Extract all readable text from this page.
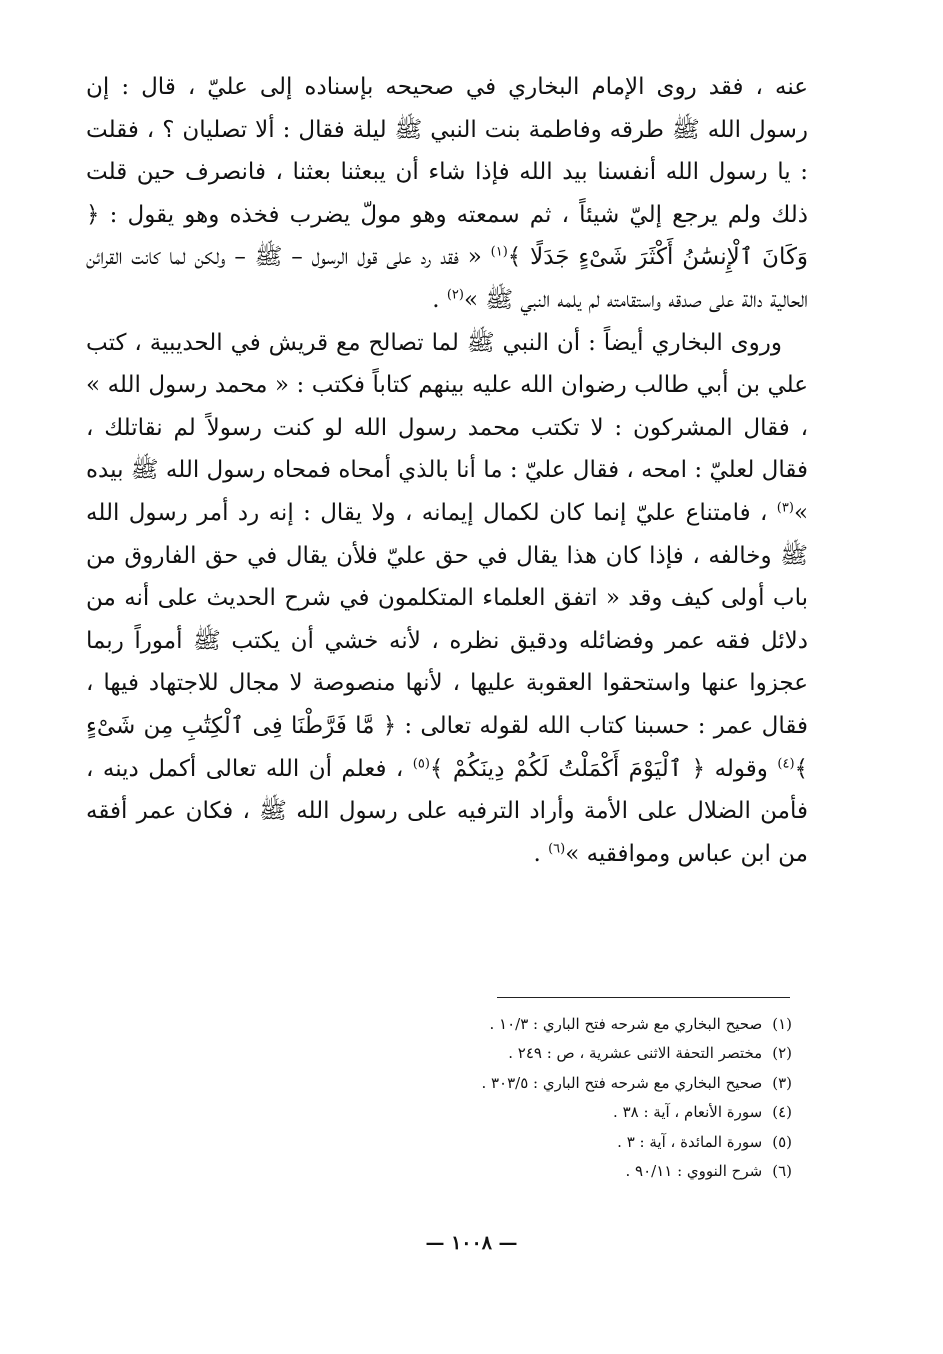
عنه ، فقد روى الإمام البخاري في صحيحه بإسناده إلى عليّ ، قال : إن رسول الله ﷺ طرقه وفاطمة بنت النبي ﷺ ليلة فقال : ألا تصليان ؟ ، فقلت : يا رسول الله أنفسنا بيد الله فإذا شاء أن يبعثنا بعثنا ، فانصرف حين قلت ذلك ولم يرجع إليّ شيئاً ، ثم سمعته وهو مولّ يضرب فخذه وهو يقول : ﴿ وَكَانَ ٱلْإِنسَٰنُ أَكْثَرَ شَىْءٍ جَدَلًا ﴾$^{(١)}$ « فقد رد على قول الرسول – ﷺ – ولكن لما كانت القرائن الحالية دالة على صدقه واستقامته لم يلمه النبي ﷺ »$^{(٢)}$ .

وروى البخاري أيضاً : أن النبي ﷺ لما تصالح مع قريش في الحديبية ، كتب علي بن أبي طالب رضوان الله عليه بينهم كتاباً فكتب : « محمد رسول الله » ، فقال المشركون : لا تكتب محمد رسول الله لو كنت رسولاً لم نقاتلك ، فقال لعليّ : امحه ، فقال عليّ : ما أنا بالذي أمحاه فمحاه رسول الله ﷺ بيده »$^{(٣)}$ ، فامتناع عليّ إنما كان لكمال إيمانه ، ولا يقال : إنه رد أمر رسول الله ﷺ وخالفه ، فإذا كان هذا يقال في حق عليّ فلأن يقال في حق الفاروق من باب أولى كيف وقد « اتفق العلماء المتكلمون في شرح الحديث على أنه من دلائل فقه عمر وفضائله ودقيق نظره ، لأنه خشي أن يكتب ﷺ أموراً ربما عجزوا عنها واستحقوا العقوبة عليها ، لأنها منصوصة لا مجال للاجتهاد فيها ، فقال عمر : حسبنا كتاب الله لقوله تعالى : ﴿ مَّا فَرَّطْنَا فِى ٱلْكِتَٰبِ مِن شَىْءٍ ﴾$^{(٤)}$ وقوله ﴿ ٱلْيَوْمَ أَكْمَلْتُ لَكُمْ دِينَكُمْ ﴾$^{(٥)}$ ، فعلم أن الله تعالى أكمل دينه ، فأمن الضلال على الأمة وأراد الترفيه على رسول الله ﷺ ، فكان عمر أفقه من ابن عباس وموافقيه »$^{(٦)}$ .

(١)صحيح البخاري مع شرحه فتح الباري : ١٠/٣ .

(٢)مختصر التحفة الاثنى عشرية ، ص : ٢٤٩ .

(٣)صحيح البخاري مع شرحه فتح الباري : ٣٠٣/٥ .

(٤)سورة الأنعام ، آية : ٣٨ .

(٥)سورة المائدة ، آية : ٣ .

(٦)شرح النووي : ٩٠/١١ .

— ١٠٠٨ —
